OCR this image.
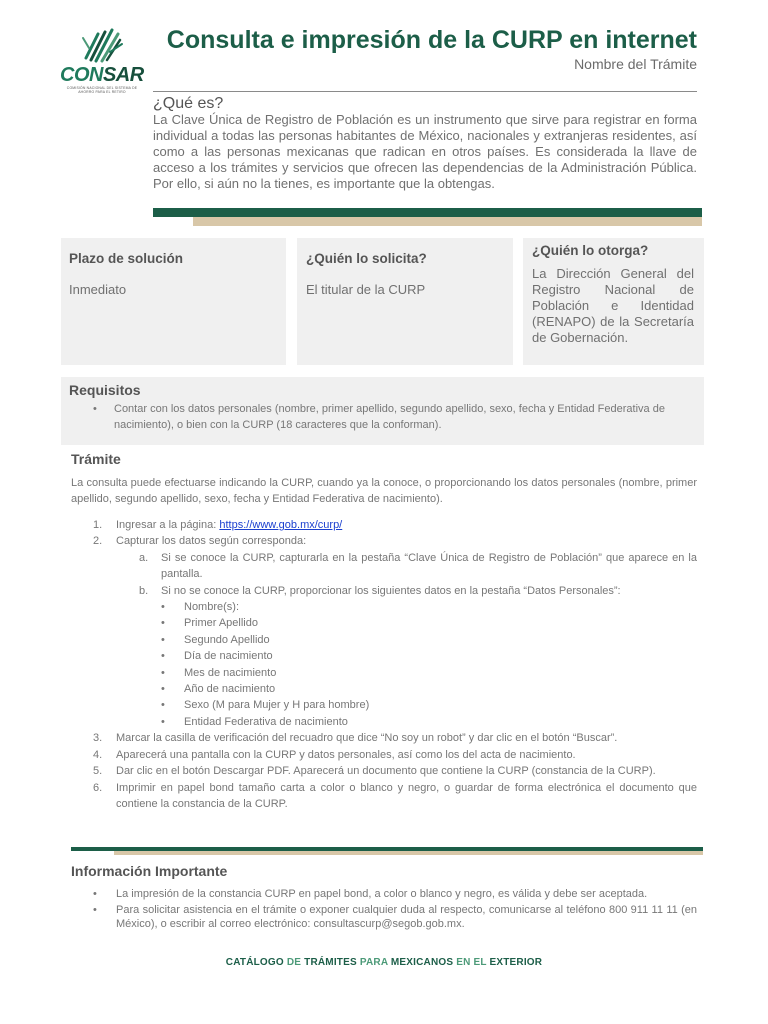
CONSAR
COMISIÓN NACIONAL DEL SISTEMA DE AHORRO PARA EL RETIRO
Consulta e impresión de la CURP en internet
Nombre del Trámite
¿Qué es?
La Clave Única de Registro de Población es un instrumento que sirve para registrar en forma individual a todas las personas habitantes de México, nacionales y extranjeras residentes, así como a las personas mexicanas que radican en otros países. Es considerada la llave de acceso a los trámites y servicios que ofrecen las dependencias de la Administración Pública. Por ello, si aún no la tienes, es importante que la obtengas.
Plazo de solución

Inmediato

¿Quién lo solicita?

El titular de la CURP

¿Quién lo otorga?

La Dirección General del Registro Nacional de Población e Identidad (RENAPO) de la Secretaría de Gobernación.

Requisitos
• Contar con los datos personales (nombre, primer apellido, segundo apellido, sexo, fecha y Entidad Federativa de nacimiento), o bien con la CURP (18 caracteres que la conforman).
Trámite
La consulta puede efectuarse indicando la CURP, cuando ya la conoce, o proporcionando los datos personales (nombre, primer apellido, segundo apellido, sexo, fecha y Entidad Federativa de nacimiento).
1. Ingresar a la página: https://www.gob.mx/curp/
2. Capturar los datos según corresponda:
a. Si se conoce la CURP, capturarla en la pestaña “Clave Única de Registro de Población” que aparece en la pantalla.
b. Si no se conoce la CURP, proporcionar los siguientes datos en la pestaña “Datos Personales”:
• Nombre(s):
• Primer Apellido
• Segundo Apellido
• Día de nacimiento
• Mes de nacimiento
• Año de nacimiento
• Sexo (M para Mujer y H para hombre)
• Entidad Federativa de nacimiento
3. Marcar la casilla de verificación del recuadro que dice “No soy un robot” y dar clic en el botón “Buscar”.
4. Aparecerá una pantalla con la CURP y datos personales, así como los del acta de nacimiento.
5. Dar clic en el botón Descargar PDF. Aparecerá un documento que contiene la CURP (constancia de la CURP).
6. Imprimir en papel bond tamaño carta a color o blanco y negro, o guardar de forma electrónica el documento que contiene la constancia de la CURP.
Información Importante
• La impresión de la constancia CURP en papel bond, a color o blanco y negro, es válida y debe ser aceptada.
• Para solicitar asistencia en el trámite o exponer cualquier duda al respecto, comunicarse al teléfono 800 911 11 11 (en México), o escribir al correo electrónico: consultascurp@segob.gob.mx.
CATÁLOGO DE TRÁMITES PARA MEXICANOS EN EL EXTERIOR
